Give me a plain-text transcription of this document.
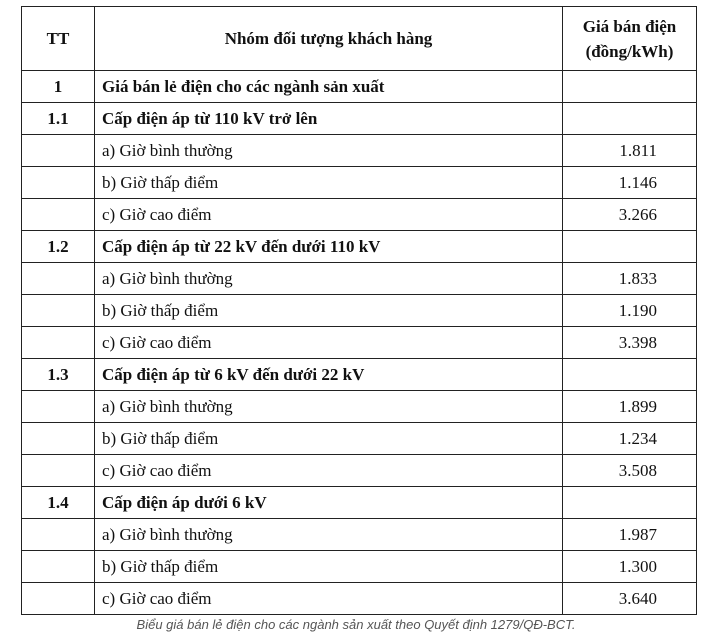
TT	Nhóm đối tượng khách hàng	Giá bán điện
(đồng/kWh)

1	Giá bán lẻ điện cho các ngành sản xuất	
1.1	Cấp điện áp từ 110 kV trở lên	
	a) Giờ bình thường	1.811
	b) Giờ thấp điểm	1.146
	c) Giờ cao điểm	3.266
1.2	Cấp điện áp từ 22 kV đến dưới 110 kV	
	a) Giờ bình thường	1.833
	b) Giờ thấp điểm	1.190
	c) Giờ cao điểm	3.398
1.3	Cấp điện áp từ 6 kV đến dưới 22 kV	
	a) Giờ bình thường	1.899
	b) Giờ thấp điểm	1.234
	c) Giờ cao điểm	3.508
1.4	Cấp điện áp dưới 6 kV	
	a) Giờ bình thường	1.987
	b) Giờ thấp điểm	1.300
	c) Giờ cao điểm	3.640
Biểu giá bán lẻ điện cho các ngành sản xuất theo Quyết định 1279/QĐ-BCT.
